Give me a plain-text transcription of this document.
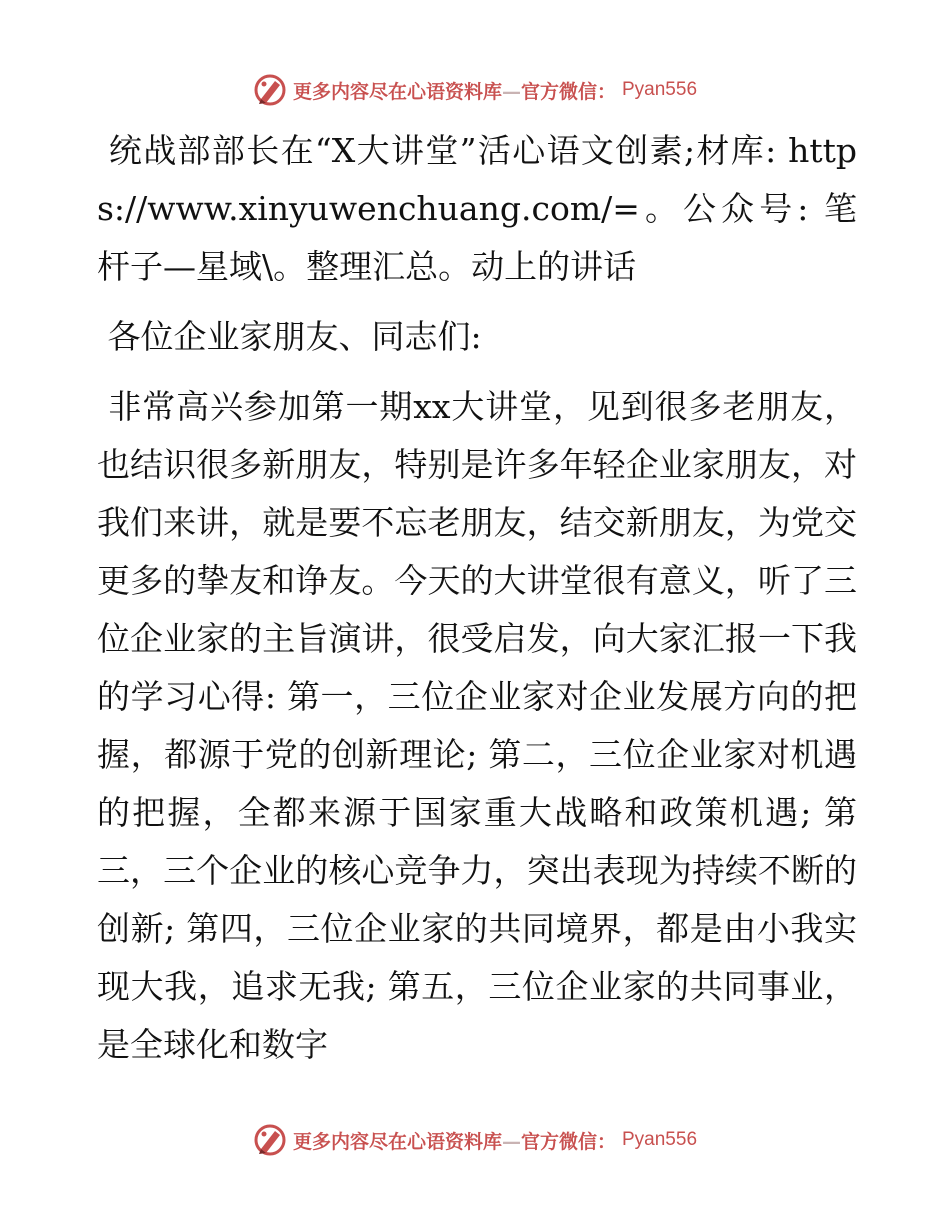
更多内容尽在心语资料库—官方微信： Pyan556

统战部部长在“X大讲堂”活心语文创素;材库: https://www.xinyuwenchuang.com/=。公众号: 笔杆子—星域\。整理汇总。动上的讲话

各位企业家朋友、同志们:

非常高兴参加第一期xx大讲堂，见到很多老朋友，也结识很多新朋友，特别是许多年轻企业家朋友，对我们来讲，就是要不忘老朋友，结交新朋友，为党交更多的挚友和诤友。今天的大讲堂很有意义，听了三位企业家的主旨演讲，很受启发，向大家汇报一下我的学习心得: 第一，三位企业家对企业发展方向的把握，都源于党的创新理论; 第二，三位企业家对机遇的把握，全都来源于国家重大战略和政策机遇; 第三，三个企业的核心竞争力，突出表现为持续不断的创新; 第四，三位企业家的共同境界，都是由小我实现大我，追求无我; 第五，三位企业家的共同事业，是全球化和数字

更多内容尽在心语资料库—官方微信： Pyan556
